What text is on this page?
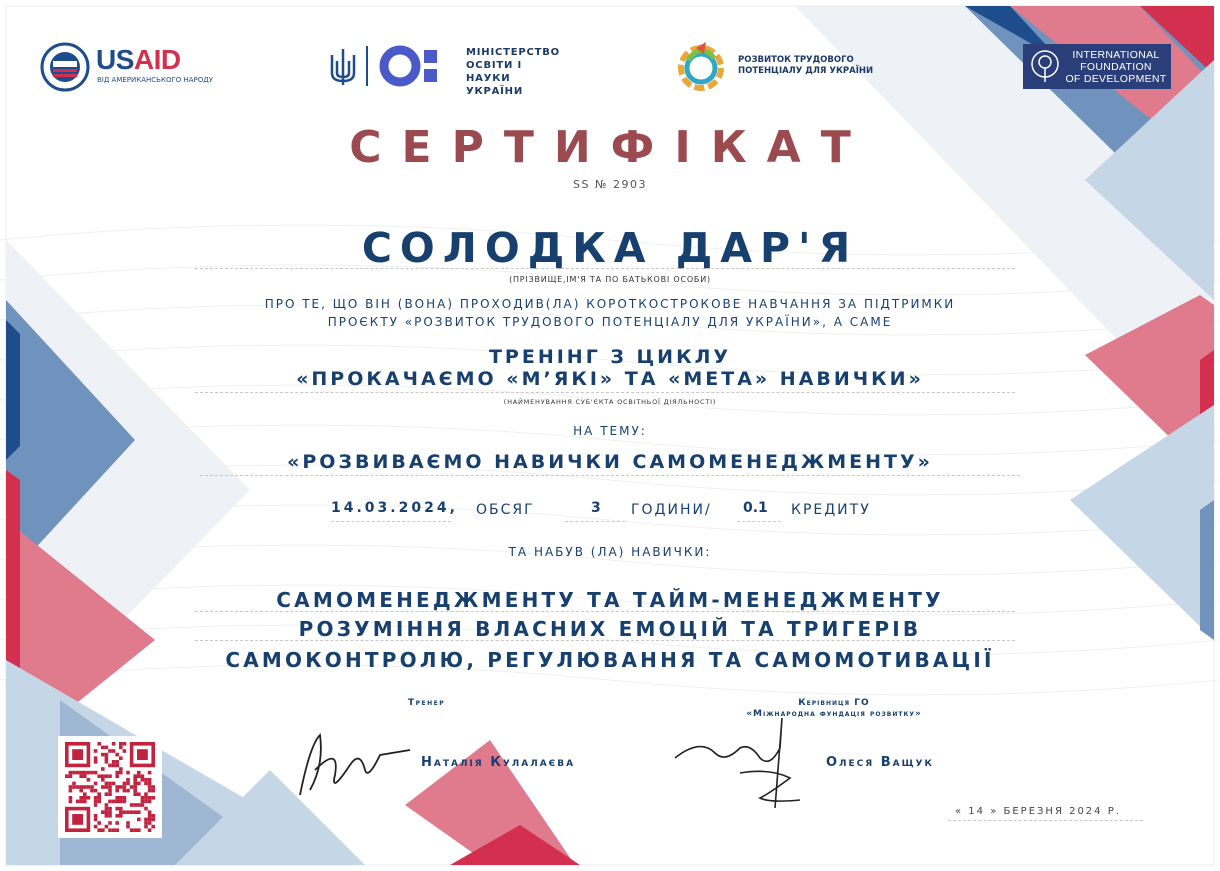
USAID
ВІД АМЕРИКАНСЬКОГО НАРОДУ
МІНІСТЕРСТВО
ОСВІТИ І НАУКИ
УКРАЇНИ
РОЗВИТОК ТРУДОВОГО
ПОТЕНЦІАЛУ ДЛЯ УКРАЇНИ
INTERNATIONAL
FOUNDATION
OF DEVELOPMENT
СЕРТИФІКАТ
SS № 2903
СОЛОДКА ДАР'Я
(ПРІЗВИЩЕ,ІМ'Я ТА ПО БАТЬКОВІ ОСОБИ)
ПРО ТЕ, ЩО ВІН (ВОНА) ПРОХОДИВ(ЛА) КОРОТКОСТРОКОВЕ НАВЧАННЯ ЗА ПІДТРИМКИ
ПРОЄКТУ «РОЗВИТОК ТРУДОВОГО ПОТЕНЦІАЛУ ДЛЯ УКРАЇНИ», А САМЕ
ТРЕНІНГ З ЦИКЛУ
«ПРОКАЧАЄМО «М’ЯКІ» ТА «МЕТА» НАВИЧКИ»
(НАЙМЕНУВАННЯ СУБ'ЄКТА ОСВІТНЬОЇ ДІЯЛЬНОСТІ)
НА ТЕМУ:
«РОЗВИВАЄМО НАВИЧКИ САМОМЕНЕДЖМЕНТУ»
14.03.2024, ОБСЯГ	3 ГОДИНИ/ 0.1 КРЕДИТУ
ТА НАБУВ (ЛА) НАВИЧКИ:
САМОМЕНЕДЖМЕНТУ ТА ТАЙМ-МЕНЕДЖМЕНТУ
РОЗУМІННЯ ВЛАСНИХ ЕМОЦІЙ ТА ТРИГЕРІВ
САМОКОНТРОЛЮ, РЕГУЛЮВАННЯ ТА САМОМОТИВАЦІЇ
Тренер
Наталія Кулалаєва
Керівниця ГО
«Міжнародна фундація розвитку»
Олеся Ващук
« 14 » БЕРЕЗНЯ 2024 Р.
